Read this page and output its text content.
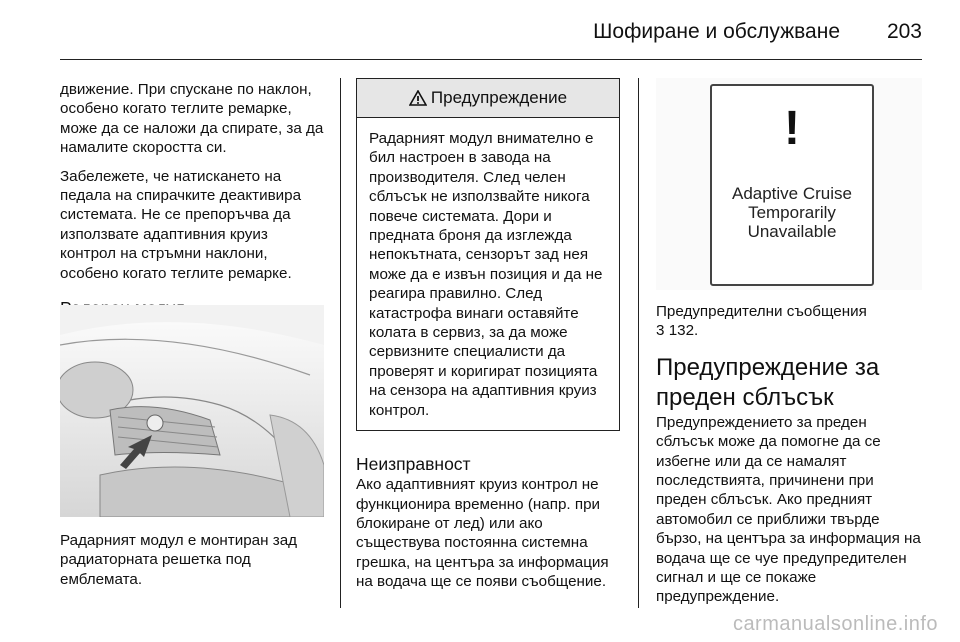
Шофиране и обслужване 203

движение. При спускане по наклон, особено когато теглите ремарке, може да се наложи да спирате, за да намалите скоростта си.

Забележете, че натискането на педала на спирачките деактивира системата. Не се препоръчва да използвате адаптивния круиз контрол на стръмни наклони, особено когато теглите ремарке.

Радарният модул е монтиран зад радиаторната решетка под емблемата.

Предупреждение

Радарният модул внимателно е бил настроен в завода на производителя. След челен сблъсък не използвайте никога повече системата. Дори и предната броня да изглежда непокътната, сензорът зад нея може да е извън позиция и да не реагира правилно. След катастрофа винаги оставяйте колата в сервиз, за да може сервизните специалисти да проверят и коригират позицията на сензора на адаптивния круиз контрол.

Неизправност

Ако адаптивният круиз контрол не функционира временно (напр. при блокиране от лед) или ако съществува постоянна системна грешка, на центъра за информация на водача ще се появи съобщение.

!
Adaptive Cruise
Temporarily
Unavailable

Предупредителни съобщения
3 132.

Предупреждение за преден сблъсък

Предупреждението за преден сблъсък може да помогне да се избегне или да се намалят последствията, причинени при преден сблъсък. Ако предният автомобил се приближи твърде бързо, на центъра за информация на водача ще се чуе предупредителен сигнал и ще се покаже предупреждение.

carmanualsonline.info
